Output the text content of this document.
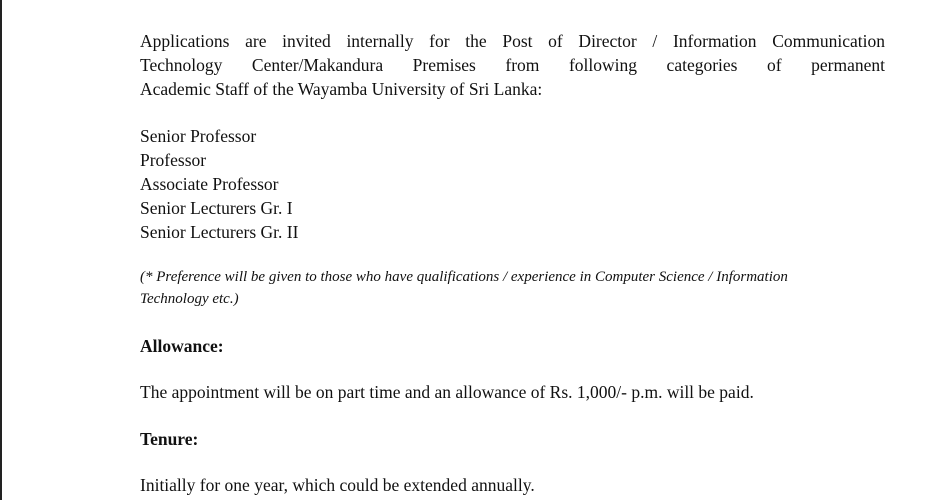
Applications are invited internally for the Post of Director / Information Communication
Technology Center/Makandura Premises from following categories of permanent
Academic Staff of the Wayamba University of Sri Lanka:
Senior Professor
Professor
Associate Professor
Senior Lecturers Gr. I
Senior Lecturers Gr. II
(* Preference will be given to those who have qualifications / experience in Computer Science / Information
Technology etc.)
Allowance:
The appointment will be on part time and an allowance of Rs. 1,000/- p.m. will be paid.
Tenure:
Initially for one year, which could be extended annually.
